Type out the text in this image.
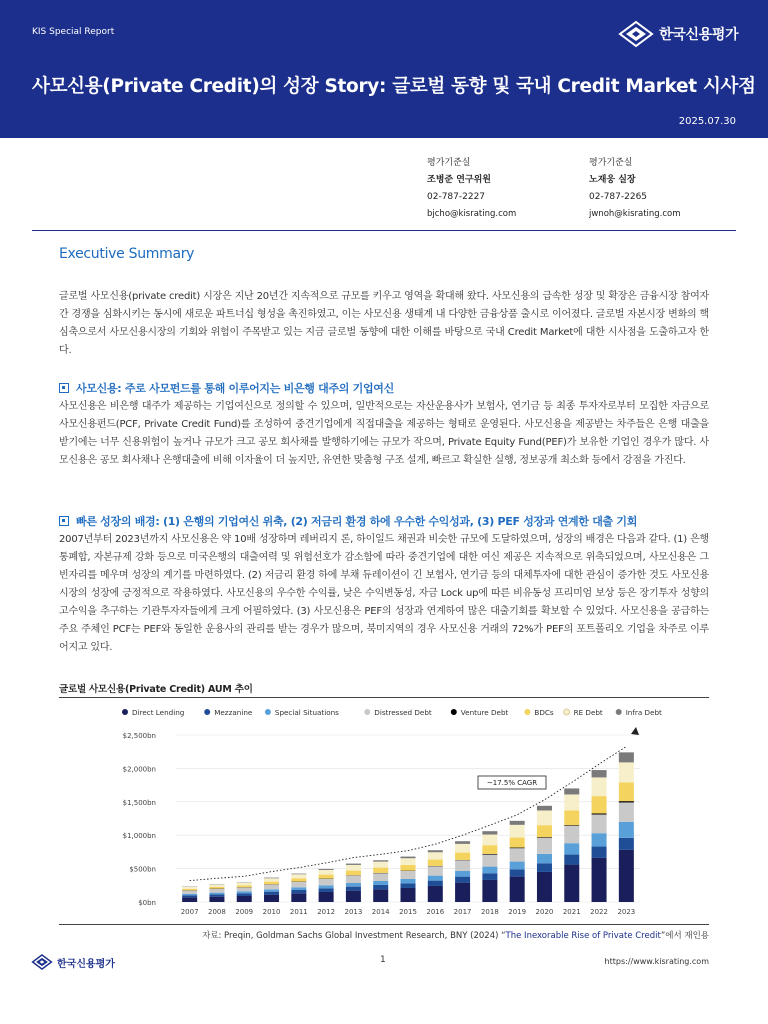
KIS Special Report	한국신용평가
사모신용(Private Credit)의 성장 Story: 글로벌 동향 및 국내 Credit Market 시사점
2025.07.30
평가기준실
조병준 연구위원
02-787-2227
bjcho@kisrating.com
평가기준실
노재웅 실장
02-787-2265
jwnoh@kisrating.com
Executive Summary
글로벌 사모신용(private credit) 시장은 지난 20년간 지속적으로 규모를 키우고 영역을 확대해 왔다. 사모신용의 급속한 성장 및 확장은 금융시장 참여자간 경쟁을 심화시키는 동시에 새로운 파트너십 형성을 촉진하였고, 이는 사모신용 생태계 내 다양한 금융상품 출시로 이어졌다. 글로벌 자본시장 변화의 핵심축으로서 사모신용시장의 기회와 위험이 주목받고 있는 지금 글로벌 동향에 대한 이해를 바탕으로 국내 Credit Market에 대한 시사점을 도출하고자 한다.
사모신용: 주로 사모펀드를 통해 이루어지는 비은행 대주의 기업여신
사모신용은 비은행 대주가 제공하는 기업여신으로 정의할 수 있으며, 일반적으로는 자산운용사가 보험사, 연기금 등 최종 투자자로부터 모집한 자금으로 사모신용펀드(PCF, Private Credit Fund)를 조성하여 중견기업에게 직접대출을 제공하는 형태로 운영된다. 사모신용을 제공받는 차주들은 은행 대출을 받기에는 너무 신용위험이 높거나 규모가 크고 공모 회사채를 발행하기에는 규모가 작으며, Private Equity Fund(PEF)가 보유한 기업인 경우가 많다. 사모신용은 공모 회사채나 은행대출에 비해 이자율이 더 높지만, 유연한 맞춤형 구조 설계, 빠르고 확실한 실행, 정보공개 최소화 등에서 강점을 가진다.
빠른 성장의 배경: (1) 은행의 기업여신 위축, (2) 저금리 환경 하에 우수한 수익성과, (3) PEF 성장과 연계한 대출 기회
2007년부터 2023년까지 사모신용은 약 10배 성장하며 레버리지 론, 하이일드 채권과 비슷한 규모에 도달하였으며, 성장의 배경은 다음과 같다. (1) 은행 통폐합, 자본규제 강화 등으로 미국은행의 대출여력 및 위험선호가 감소함에 따라 중견기업에 대한 여신 제공은 지속적으로 위축되었으며, 사모신용은 그 빈자리를 메우며 성장의 계기를 마련하였다. (2) 저금리 환경 하에 부채 듀레이션이 긴 보험사, 연기금 등의 대체투자에 대한 관심이 증가한 것도 사모신용 시장의 성장에 긍정적으로 작용하였다. 사모신용의 우수한 수익률, 낮은 수익변동성, 자금 Lock up에 따른 비유동성 프리미엄 보상 등은 장기투자 성향의 고수익을 추구하는 기관투자자들에게 크게 어필하였다. (3) 사모신용은 PEF의 성장과 연계하여 많은 대출기회를 확보할 수 있었다. 사모신용을 공급하는 주요 주체인 PCF는 PEF와 동일한 운용사의 관리를 받는 경우가 많으며, 북미지역의 경우 사모신용 거래의 72%가 PEF의 포트폴리오 기업을 차주로 이루어지고 있다.
글로벌 사모신용(Private Credit) AUM 추이
Direct Lending	Mezzanine	Special Situations	Distressed Debt	Venture Debt	BDCs	RE Debt	Infra Debt
$0bn
$500bn
$1,000bn
$1,500bn
$2,000bn
$2,500bn
2007 2008 2009 2010 2011 2012 2013 2014 2015 2016 2017 2018 2019 2020 2021 2022 2023
~17.5% CAGR
자료: Preqin, Goldman Sachs Global Investment Research, BNY (2024) “The Inexorable Rise of Private Credit”에서 재인용
한국신용평가	1	https://www.kisrating.com
